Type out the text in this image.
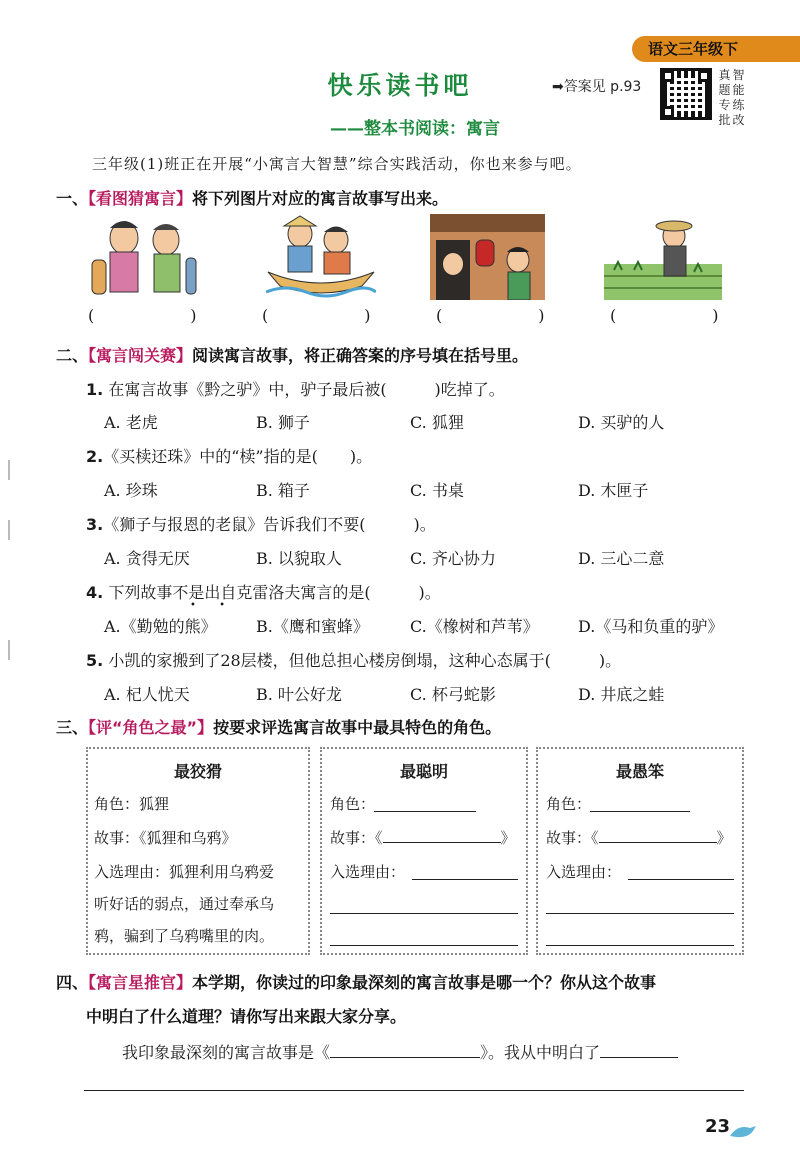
语文三年级下
快乐读书吧
——整本书阅读：寓言
➡答案见 p.93
真题
智能
专批
练改
三年级(1)班正在开展“小寓言大智慧”综合实践活动，你也来参与吧。
一、【看图猜寓言】将下列图片对应的寓言故事写出来。
(	)	(	)	(	)	(	)
二、【寓言闯关赛】阅读寓言故事，将正确答案的序号填在括号里。
1. 在寓言故事《黔之驴》中，驴子最后被(　　　)吃掉了。
A. 老虎	B. 狮子	C. 狐狸	D. 买驴的人
2.《买椟还珠》中的“椟”指的是(　　)。
A. 珍珠	B. 箱子	C. 书桌	D. 木匣子
3.《狮子与报恩的老鼠》告诉我们不要(　　　)。
A. 贪得无厌	B. 以貌取人	C. 齐心协力	D. 三心二意
4. 下列故事不是出自克雷洛夫寓言的是(　　　)。
• •
A.《勤勉的熊》 B.《鹰和蜜蜂》	C.《橡树和芦苇》 D.《马和负重的驴》
5. 小凯的家搬到了28层楼，但他总担心楼房倒塌，这种心态属于(　　　)。
A. 杞人忧天	B. 叶公好龙	C. 杯弓蛇影	D. 井底之蛙
三、【评“角色之最”】按要求评选寓言故事中最具特色的角色。
最狡猾
角色：狐狸
故事：《狐狸和乌鸦》
入选理由：狐狸利用乌鸦爱
听好话的弱点，通过奉承乌
鸦，骗到了乌鸦嘴里的肉。
最聪明
角色：
故事：《	》
入选理由：
最愚笨
角色：
故事：《	》
入选理由：
四、【寓言星推官】本学期，你读过的印象最深刻的寓言故事是哪一个？你从这个故事
中明白了什么道理？请你写出来跟大家分享。
我印象最深刻的寓言故事是《	》。我从中明白了
23
